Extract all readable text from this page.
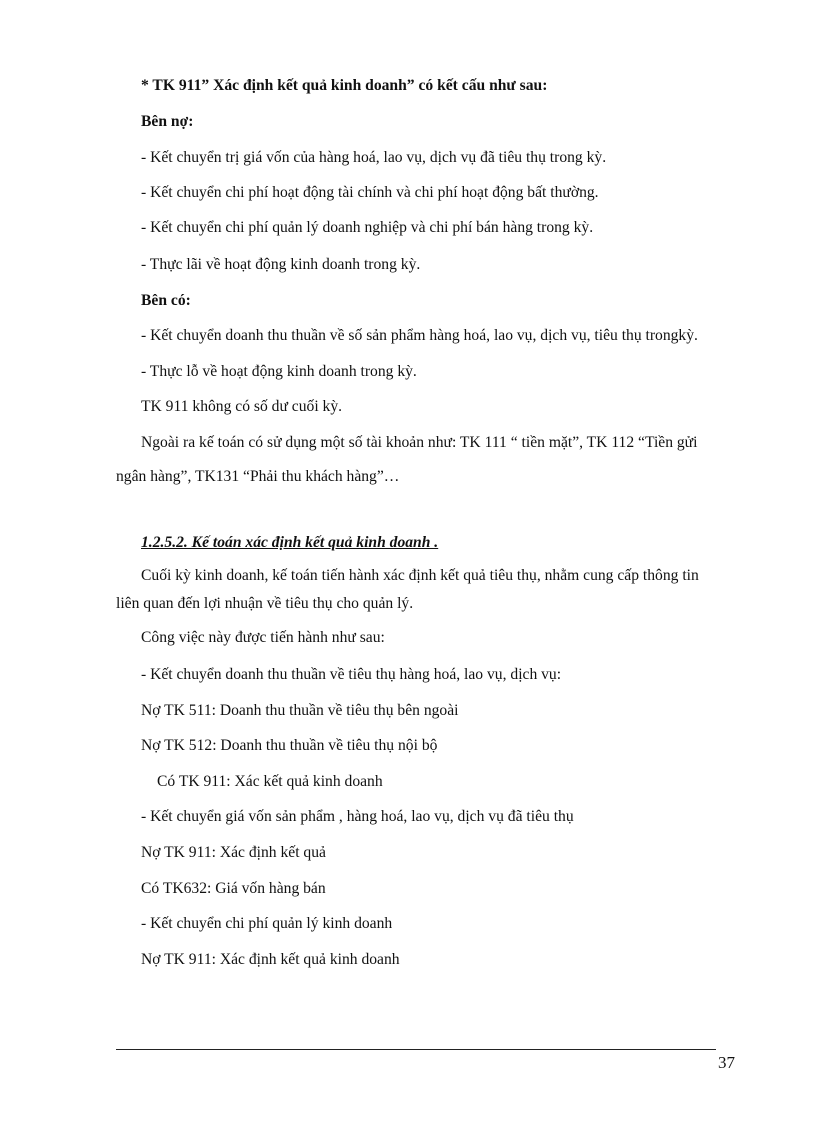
* TK 911” Xác định kết quả kinh doanh” có kết cấu như sau:
Bên nợ:
- Kết chuyển trị giá vốn của hàng hoá, lao vụ, dịch vụ đã tiêu thụ trong kỳ.
- Kết chuyển chi phí hoạt động tài chính và chi phí hoạt động bất thường.
- Kết chuyển chi phí quản lý doanh nghiệp và chi phí bán hàng trong kỳ.
- Thực lãi về hoạt động kinh doanh trong kỳ.
Bên có:
- Kết chuyển doanh thu thuần về số sản phẩm hàng hoá, lao vụ, dịch vụ, tiêu thụ trongkỳ.
- Thực lỗ về hoạt động kinh doanh trong kỳ.
TK 911 không có số dư cuối kỳ.
Ngoài ra kế toán có sử dụng một số tài khoản như: TK 111 “ tiền mặt”, TK 112 “Tiền gửi
ngân hàng”, TK131 “Phải thu khách hàng”…
1.2.5.2. Kế toán xác định kết quả kinh doanh .
Cuối kỳ kinh doanh, kế toán tiến hành xác định kết quả tiêu thụ, nhằm cung cấp thông tin
liên quan đến lợi nhuận về tiêu thụ cho quản lý.
Công việc này được tiến hành như sau:
- Kết chuyển doanh thu thuần về tiêu thụ hàng hoá, lao vụ, dịch vụ:
Nợ TK 511: Doanh thu thuần về tiêu thụ bên ngoài
Nợ TK 512: Doanh thu thuần về tiêu thụ nội bộ
Có TK 911: Xác kết quả kinh doanh
- Kết chuyển giá vốn sản phẩm , hàng hoá, lao vụ, dịch vụ đã tiêu thụ
Nợ TK 911: Xác định kết quả
Có TK632: Giá vốn hàng bán
- Kết chuyển chi phí quản lý kinh doanh
Nợ TK 911: Xác định kết quả kinh doanh
37
